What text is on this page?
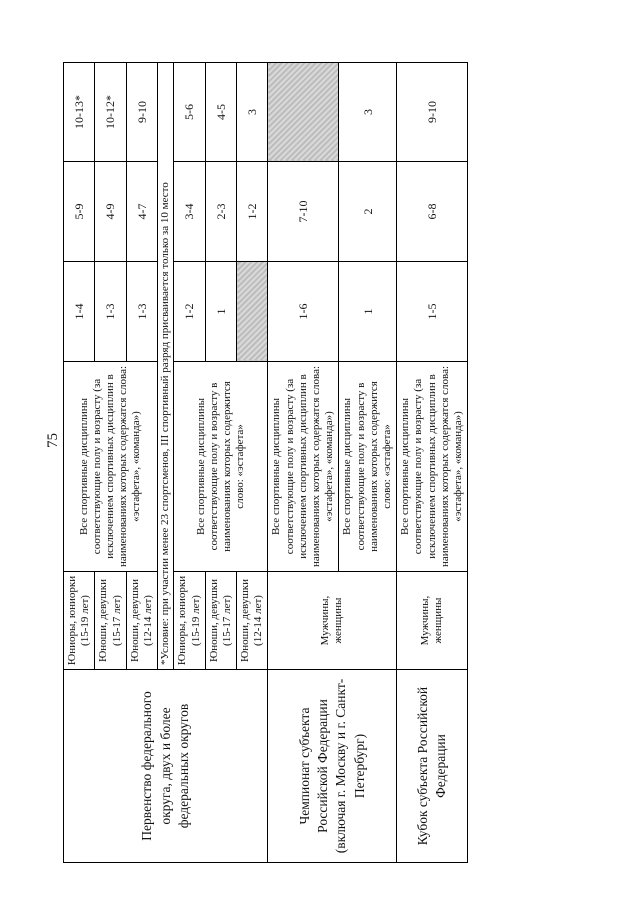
75
Первенство федерального округа, двух и более федеральных округов	Юниоры, юниорки (15-19 лет)	Все спортивные дисциплины соответствующие полу и возрасту (за исключением спортивных дисциплин в наименованиях которых содержатся слова: «эстафета», «команда»)	1-4	5-9	10-13*
	Юноши, девушки (15-17 лет)		1-3	4-9	10-12*
	Юноши, девушки (12-14 лет)		1-3	4-7	9-10
	*Условие: при участии менее 23 спортсменов, III спортивный разряд присваивается только за 10 место				
	Юниоры, юниорки (15-19 лет)	Все спортивные дисциплины соответствующие полу и возрасту в наименованиях которых содержится слово: «эстафета»	1-2	3-4	5-6
	Юноши, девушки (15-17 лет)		1	2-3	4-5
	Юноши, девушки (12-14 лет)			1-2	3
Чемпионат субъекта Российской Федерации (включая г. Москву и г. Санкт-Петербург)	Мужчины, женщины	Все спортивные дисциплины соответствующие полу и возрасту (за исключением спортивных дисциплин в наименованиях которых содержатся слова: «эстафета», «команда»)	1-6	7-10	
		Все спортивные дисциплины соответствующие полу и возрасту в наименованиях которых содержится слово: «эстафета»	1	2	3
Кубок субъекта Российской Федерации	Мужчины, женщины	Все спортивные дисциплины соответствующие полу и возрасту (за исключением спортивных дисциплин в наименованиях которых содержатся слова: «эстафета», «команда»)	1-5	6-8	9-10
